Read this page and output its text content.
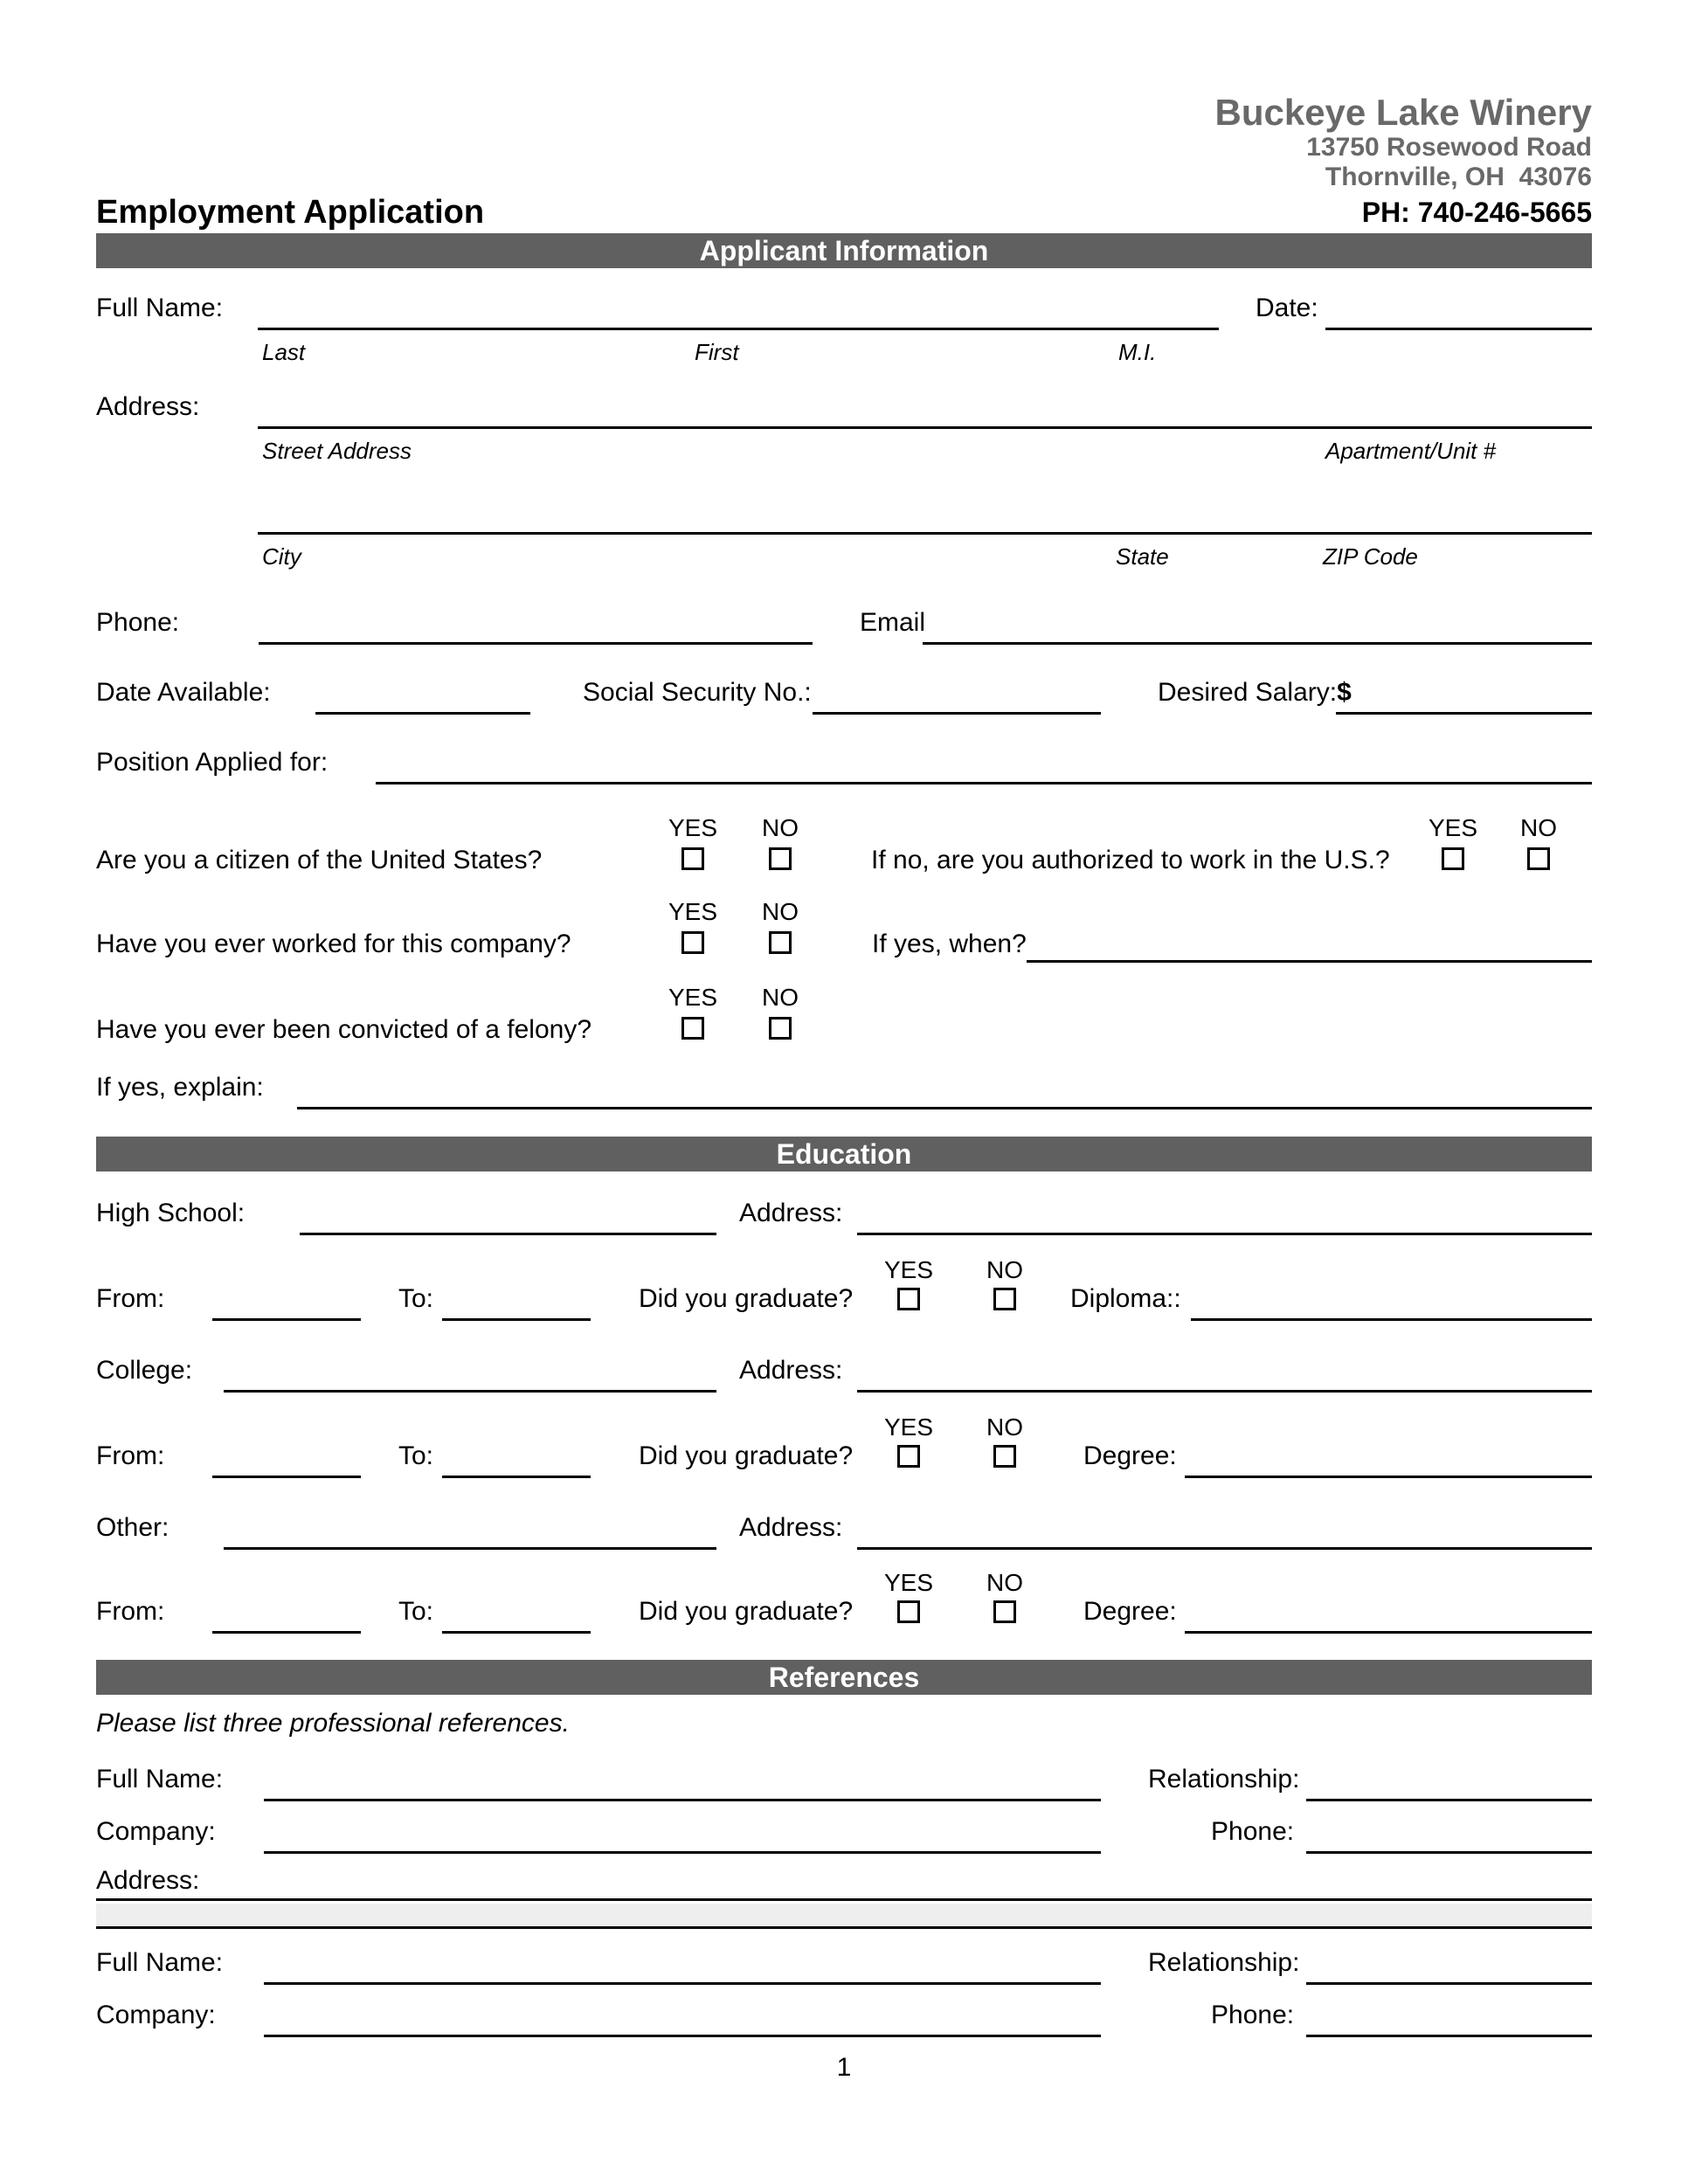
Buckeye Lake Winery
13750 Rosewood Road
Thornville, OH  43076
PH: 740-246-5665
Employment Application
Applicant Information
Full Name:	Date:
Last	First	M.I.
Address:
Street Address	Apartment/Unit #
City	State	ZIP Code
Phone:	Email
Date Available:	Social Security No.:	Desired Salary:$
Position Applied for:
YES NO	YES NO
Are you a citizen of the United States?	If no, are you authorized to work in the U.S.?
YES NO
Have you ever worked for this company?	If yes, when?
YES NO
Have you ever been convicted of a felony?
If yes, explain:
Education
High School:	Address:
YES NO
From:	To:	Did you graduate?	Diploma::
College:	Address:
YES NO
From:	To:	Did you graduate?	Degree:
Other:	Address:
YES NO
From:	To:	Did you graduate?	Degree:
References
Please list three professional references.
Full Name:	Relationship:
Company:	Phone:
Address:
Full Name:	Relationship:
Company:	Phone:
1
